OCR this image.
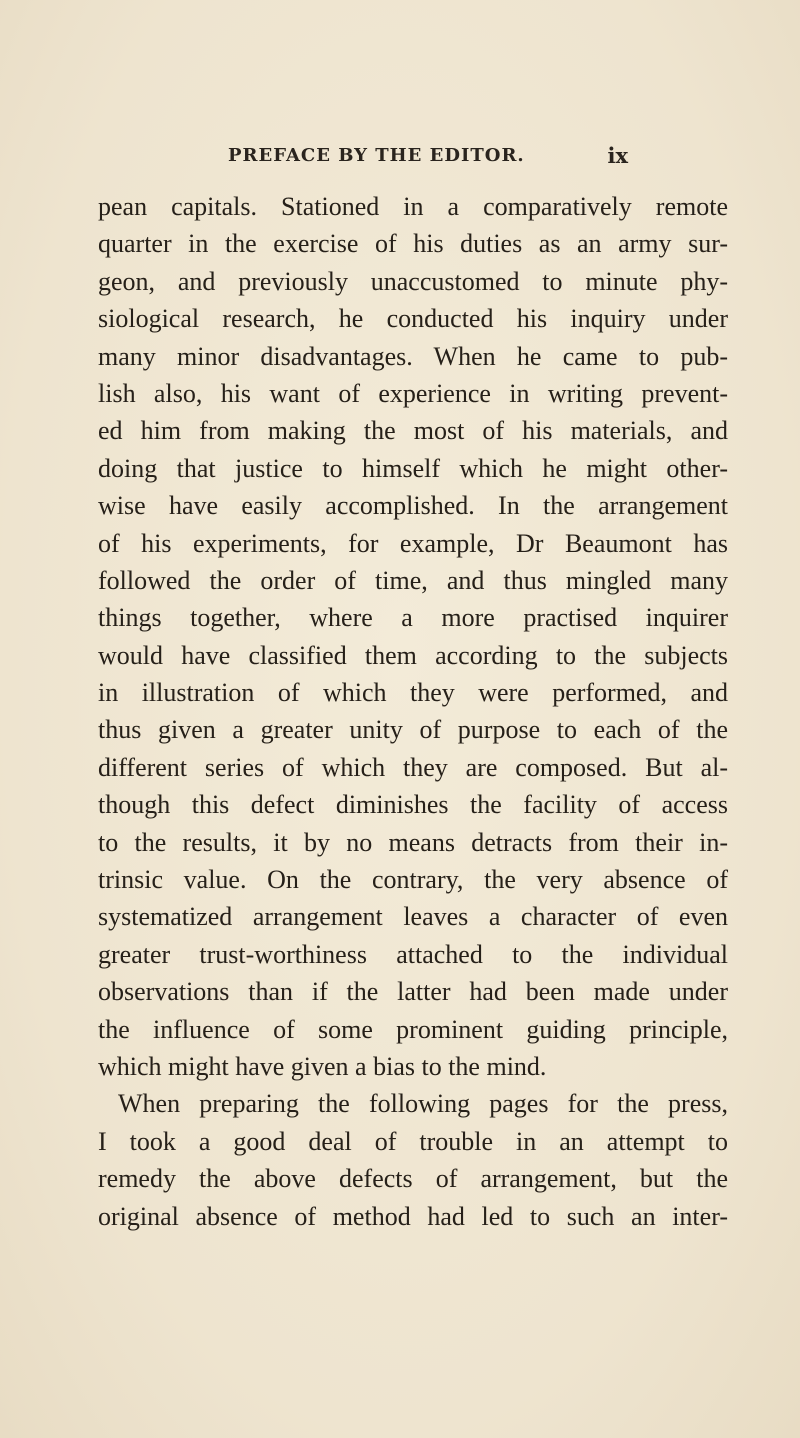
PREFACE BY THE EDITOR.	ix
pean capitals. Stationed in a comparatively remote
quarter in the exercise of his duties as an army sur-
geon, and previously unaccustomed to minute phy-
siological research, he conducted his inquiry under
many minor disadvantages. When he came to pub-
lish also, his want of experience in writing prevent-
ed him from making the most of his materials, and
doing that justice to himself which he might other-
wise have easily accomplished. In the arrangement
of his experiments, for example, Dr Beaumont has
followed the order of time, and thus mingled many
things together, where a more practised inquirer
would have classified them according to the subjects
in illustration of which they were performed, and
thus given a greater unity of purpose to each of the
different series of which they are composed. But al-
though this defect diminishes the facility of access
to the results, it by no means detracts from their in-
trinsic value. On the contrary, the very absence of
systematized arrangement leaves a character of even
greater trust-worthiness attached to the individual
observations than if the latter had been made under
the influence of some prominent guiding principle,
which might have given a bias to the mind.
When preparing the following pages for the press,
I took a good deal of trouble in an attempt to
remedy the above defects of arrangement, but the
original absence of method had led to such an inter-
